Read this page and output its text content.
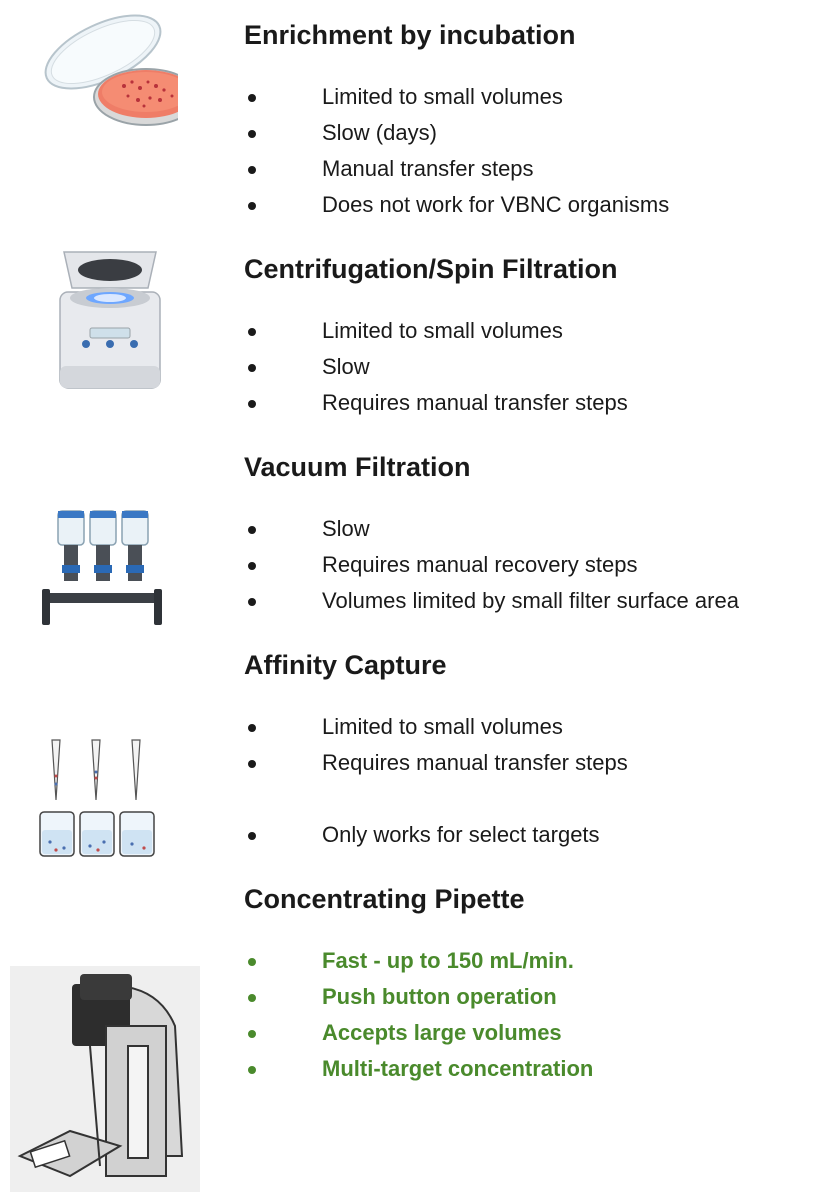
Enrichment by incubation
Limited to small volumes
Slow (days)
Manual transfer steps
Does not work for VBNC organisms
Centrifugation/Spin Filtration
Limited to small volumes
Slow
Requires manual transfer steps
Vacuum Filtration
Slow
Requires manual recovery steps
Volumes limited by small filter surface area
Affinity Capture
Limited to small volumes
Requires manual transfer steps
Only works for select targets
Concentrating Pipette
Fast - up to 150 mL/min.
Push button operation
Accepts large volumes
Multi-target concentration
